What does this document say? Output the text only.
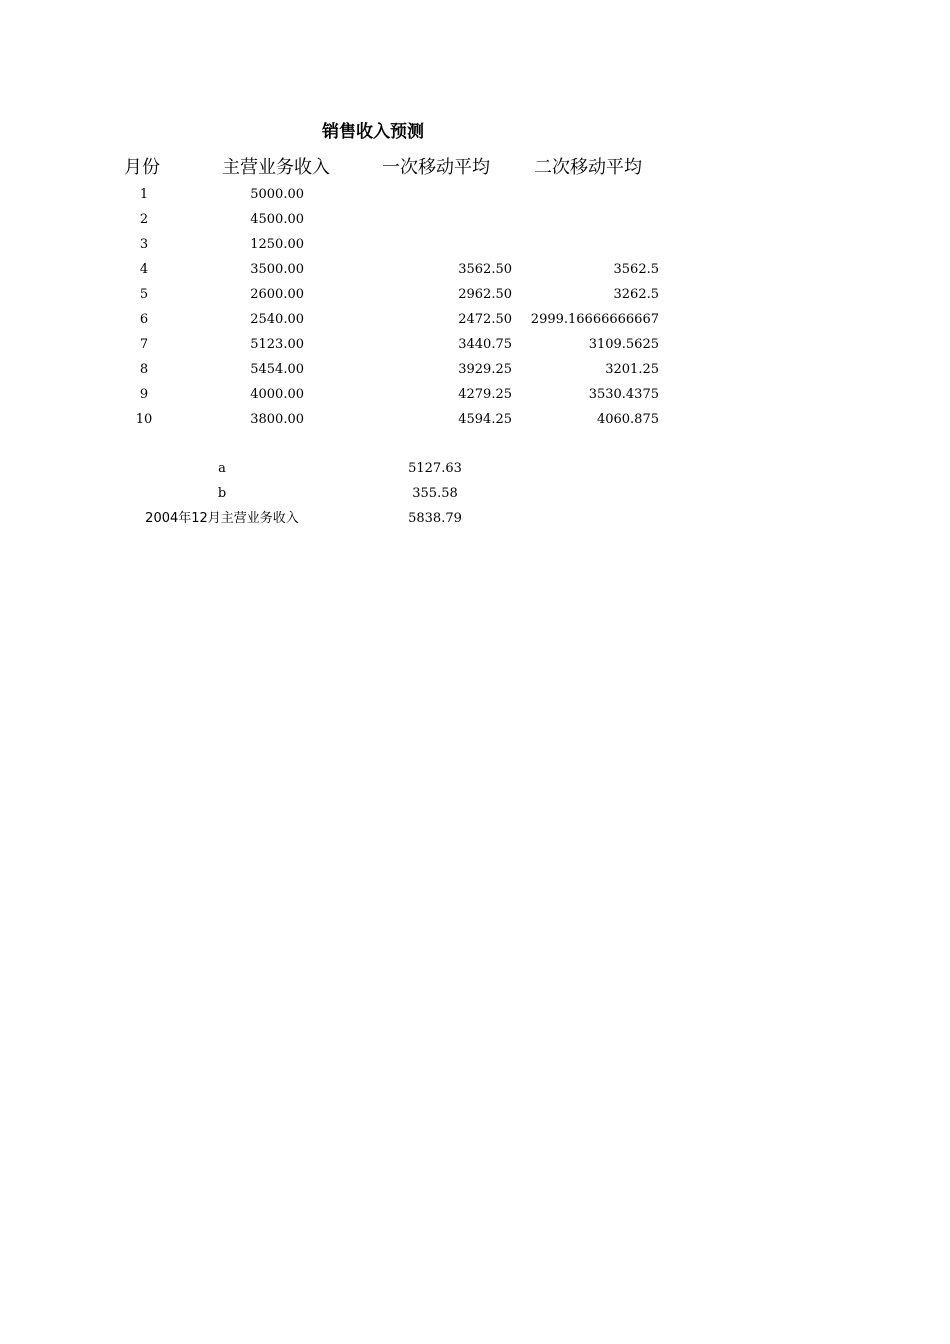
销售收入预测
月份	主营业务收入	一次移动平均 二次移动平均
1	5000.00
2	4500.00
3	1250.00
4	3500.00	3562.50	3562.5
5	2600.00	2962.50	3262.5
6	2540.00	2472.50	2999.16666666667
7	5123.00	3440.75	3109.5625
8	5454.00	3929.25	3201.25
9	4000.00	4279.25	3530.4375
10	3800.00	4594.25	4060.875
a	5127.63
b	355.58
2004年12月主营业务收入	5838.79
